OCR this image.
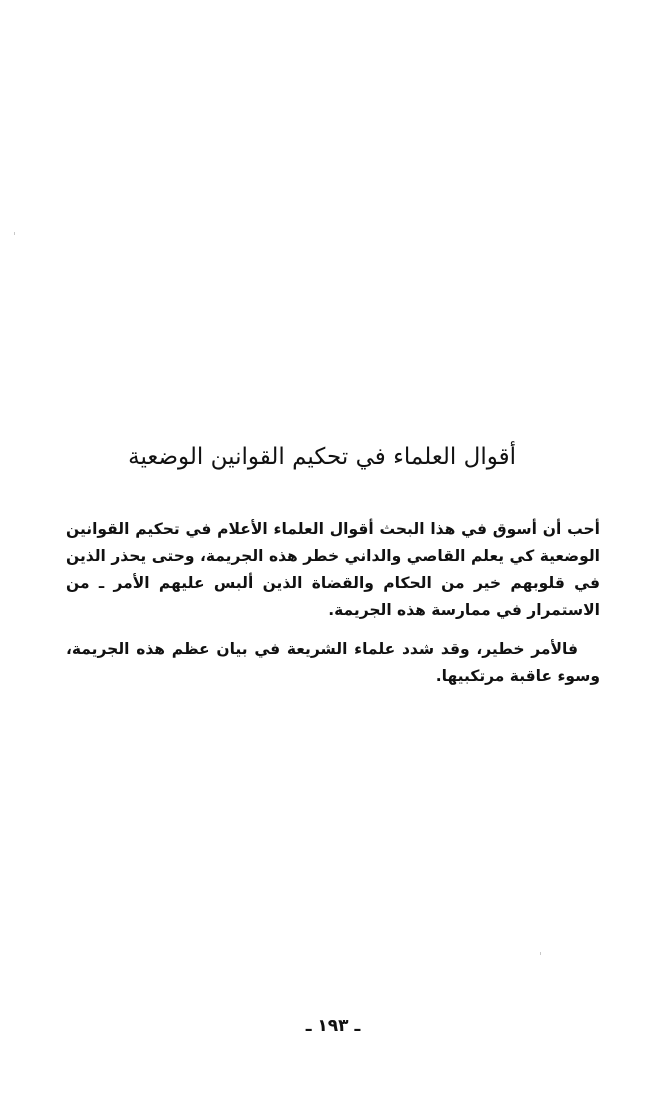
أقوال العلماء في تحكيم القوانين الوضعية

أحب أن أسوق في هذا البحث أقوال العلماء الأعلام في تحكيم القوانين الوضعية كي يعلم القاصي والداني خطر هذه الجريمة، وحتى يحذر الذين في قلوبهم خير من الحكام والقضاة الذين ألبس عليهم الأمر ـ من الاستمرار في ممارسة هذه الجريمة.

فالأمر خطير، وقد شدد علماء الشريعة في بيان عظم هذه الجريمة، وسوء عاقبة مرتكبيها.

ـ ١٩٣ ـ
